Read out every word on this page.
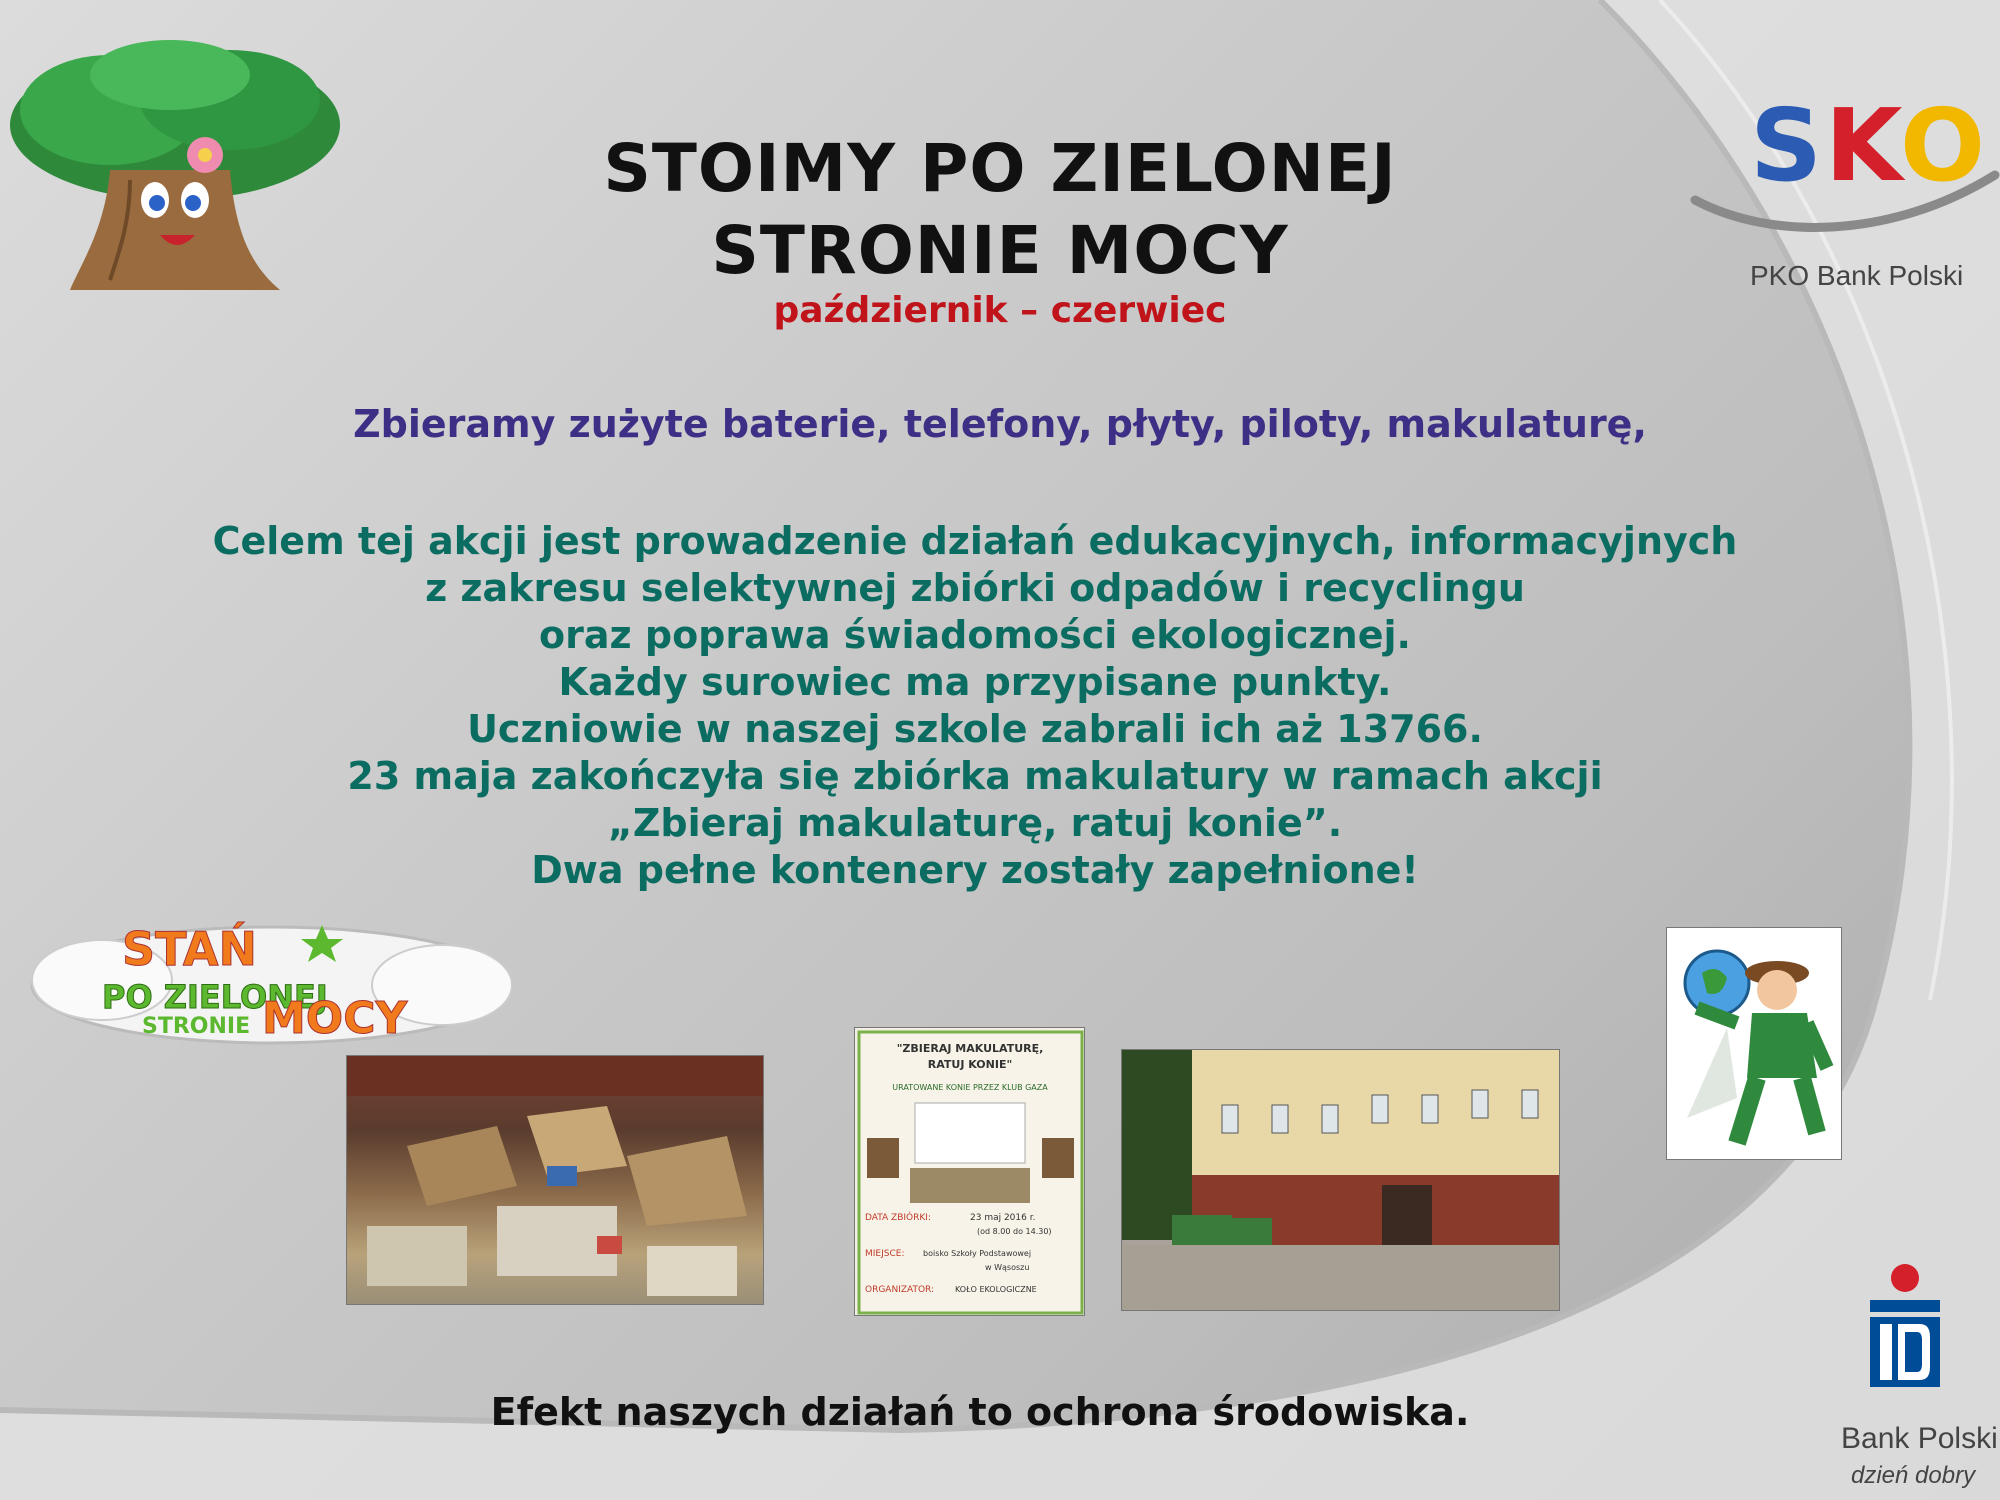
STOIMY PO ZIELONEJ
STRONIE MOCY
październik – czerwiec
Zbieramy zużyte baterie, telefony, płyty, piloty, makulaturę,
Celem tej akcji jest prowadzenie działań edukacyjnych, informacyjnych
z zakresu selektywnej zbiórki odpadów i recyclingu
oraz poprawa świadomości ekologicznej.
Każdy surowiec ma przypisane punkty.
Uczniowie w naszej szkole zabrali ich aż 13766.
23 maja zakończyła się zbiórka makulatury w ramach akcji
„Zbieraj makulaturę, ratuj konie”.
Dwa pełne kontenery zostały zapełnione!
S K
O
PKO Bank Polski
STAŃ
PO ZIELONEJ
STRONIE MOCY
"ZBIERAJ MAKULATURĘ,
RATUJ KONIE"
URATOWANE KONIE PRZEZ KLUB GAZA
DATA ZBIÓRKI:	23 maj 2016 r.
(od 8.00 do 14.30)
MIEJSCE: boisko Szkoły Podstawowej
w Wąsoszu
ORGANIZATOR:	KOŁO EKOLOGICZNE
Efekt naszych działań to ochrona środowiska.
Bank Polski
dzień dobry
